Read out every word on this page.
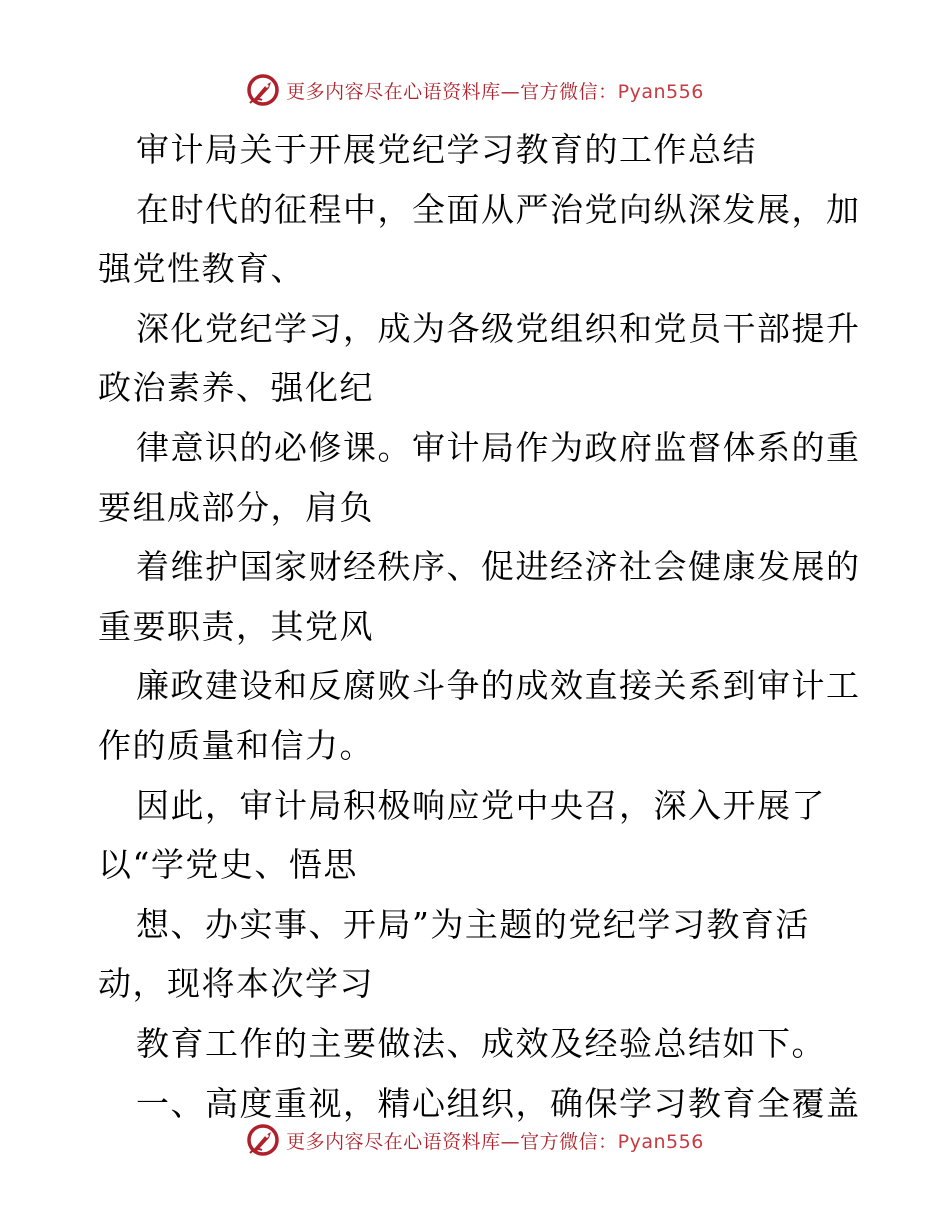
更多内容尽在心语资料库—官方微信：Pyan556
审计局关于开展党纪学习教育的工作总结
在时代的征程中，全面从严治党向纵深发展，加
强党性教育、
深化党纪学习，成为各级党组织和党员干部提升
政治素养、强化纪
律意识的必修课。审计局作为政府监督体系的重
要组成部分，肩负
着维护国家财经秩序、促进经济社会健康发展的
重要职责，其党风
廉政建设和反腐败斗争的成效直接关系到审计工
作的质量和信力。
因此，审计局积极响应党中央召，深入开展了
以“学党史、悟思
想、办实事、开局”为主题的党纪学习教育活
动，现将本次学习
教育工作的主要做法、成效及经验总结如下。
一、高度重视，精心组织，确保学习教育全覆盖
更多内容尽在心语资料库—官方微信：Pyan556
